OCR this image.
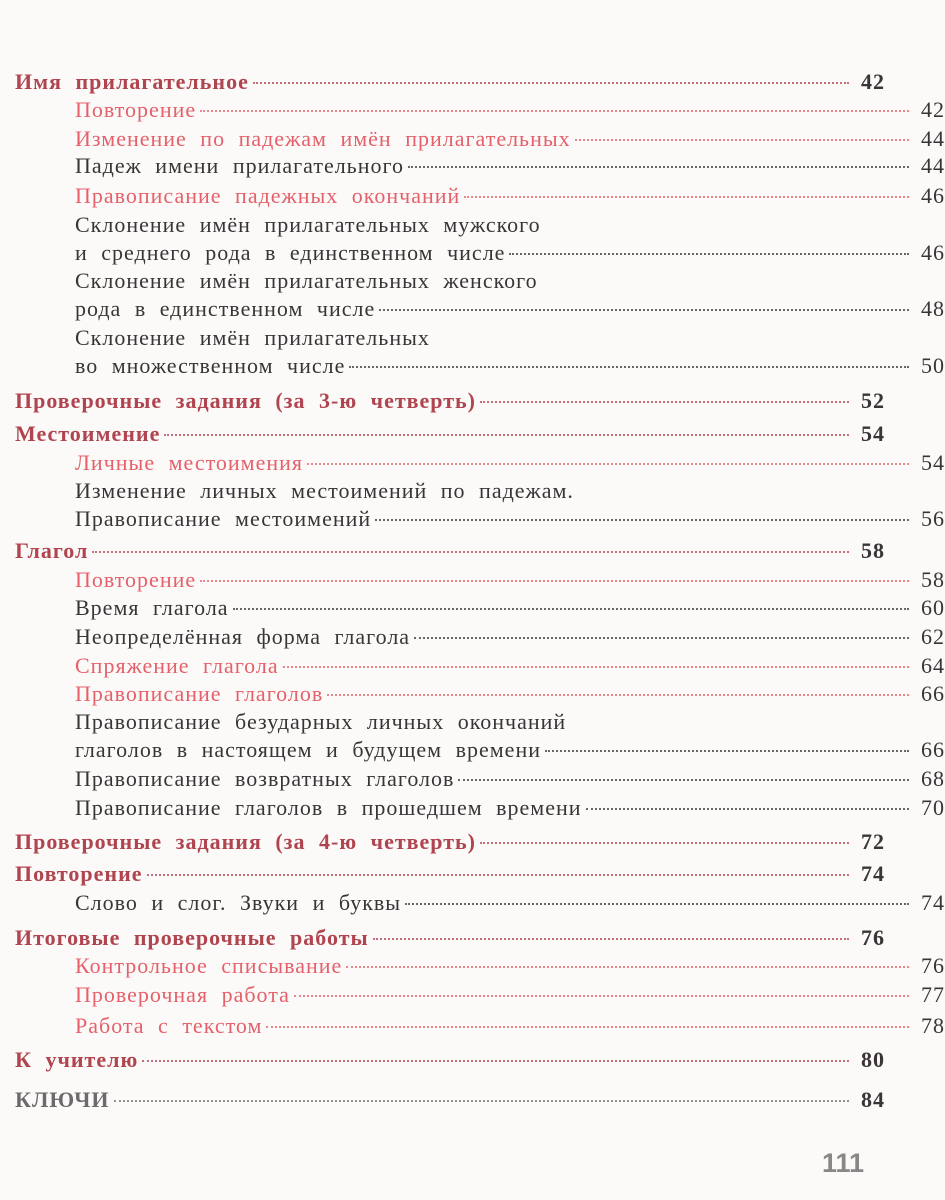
Имя прилагательное	42
Повторение	42
Изменение по падежам имён прилагательных	44
Падеж имени прилагательного	44
Правописание падежных окончаний	46
Склонение имён прилагательных мужского
и среднего рода в единственном числе	46
Склонение имён прилагательных женского
рода в единственном числе	48
Склонение имён прилагательных
во множественном числе	50
Проверочные задания (за 3-ю четверть)	52
Местоимение	54
Личные местоимения	54
Изменение личных местоимений по падежам.
Правописание местоимений	56
Глагол	58
Повторение	58
Время глагола	60
Неопределённая форма глагола	62
Спряжение глагола	64
Правописание глаголов	66
Правописание безударных личных окончаний
глаголов в настоящем и будущем времени	66
Правописание возвратных глаголов	68
Правописание глаголов в прошедшем времени	70
Проверочные задания (за 4-ю четверть)	72
Повторение	74
Слово и слог. Звуки и буквы	74
Итоговые проверочные работы	76
Контрольное списывание	76
Проверочная работа	77
Работа с текстом	78
К учителю	80
КЛЮЧИ	84
111
